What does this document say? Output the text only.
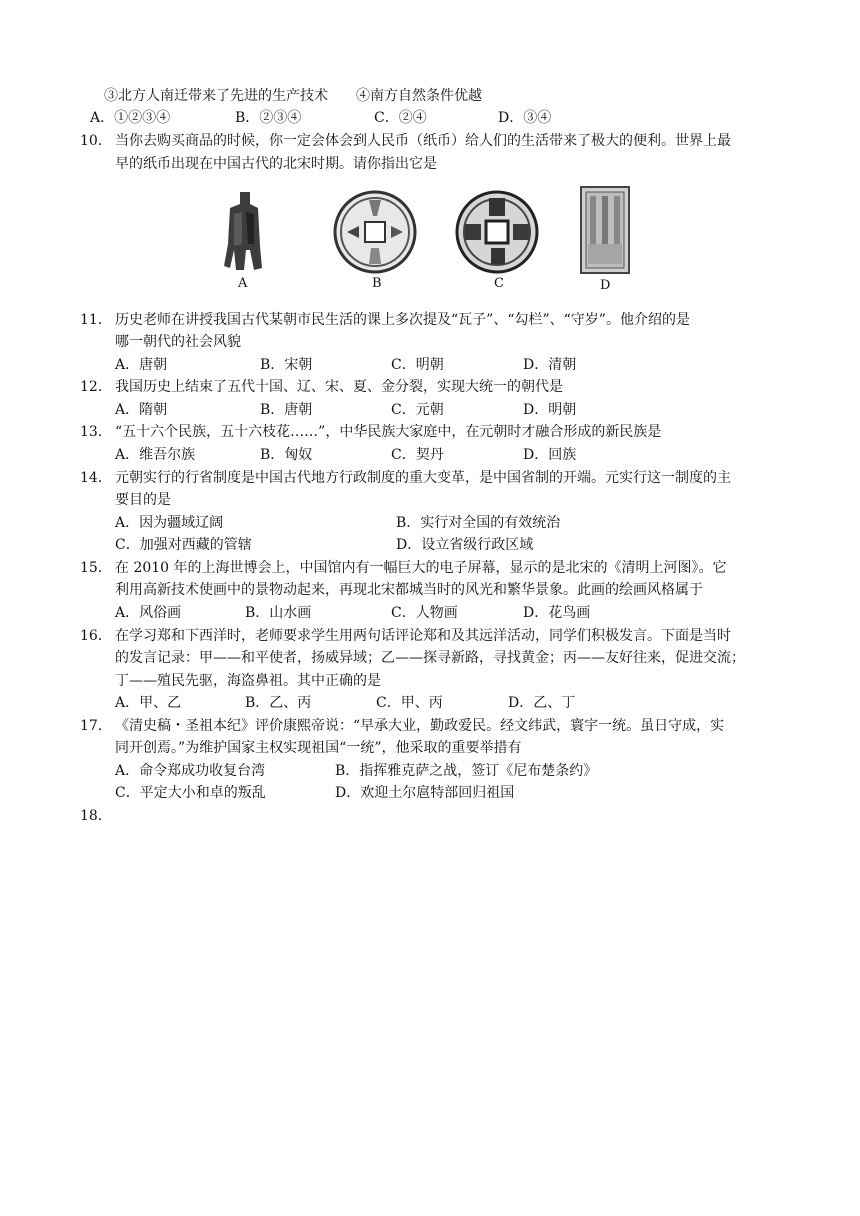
③北方人南迁带来了先进的生产技术　　④南方自然条件优越
A．①②③④	B．②③④	C．②④	D．③④
10． 当你去购买商品的时候，你一定会体会到人民币（纸币）给人们的生活带来了极大的便利。世界上最
早的纸币出现在中国古代的北宋时期。请你指出它是
A	B	C	D
11． 历史老师在讲授我国古代某朝市民生活的课上多次提及“瓦子”、“勾栏”、“守岁”。他介绍的是
哪一朝代的社会风貌
A．唐朝	B．宋朝	C．明朝	D．清朝
12． 我国历史上结束了五代十国、辽、宋、夏、金分裂，实现大统一的朝代是
A．隋朝	B．唐朝	C．元朝	D．明朝
13． “五十六个民族，五十六枝花……”，中华民族大家庭中，在元朝时才融合形成的新民族是
A．维吾尔族	B．匈奴	C．契丹	D．回族
14． 元朝实行的行省制度是中国古代地方行政制度的重大变革，是中国省制的开端。元实行这一制度的主
要目的是
A．因为疆域辽阔	B．实行对全国的有效统治
C．加强对西藏的管辖	D．设立省级行政区域
15． 在 2010 年的上海世博会上，中国馆内有一幅巨大的电子屏幕，显示的是北宋的《清明上河图》。它
利用高新技术使画中的景物动起来，再现北宋都城当时的风光和繁华景象。此画的绘画风格属于
A．风俗画	B．山水画	C．人物画	D．花鸟画
16． 在学习郑和下西洋时，老师要求学生用两句话评论郑和及其远洋活动，同学们积极发言。下面是当时
的发言记录：甲——和平使者，扬威异域；乙——探寻新路，寻找黄金；丙——友好往来，促进交流；
丁——殖民先驱，海盗鼻祖。其中正确的是
A．甲、乙	B．乙、丙	C．甲、丙	D．乙、丁
17． 《清史稿・圣祖本纪》评价康熙帝说：“早承大业，勤政爱民。经文纬武，寰宇一统。虽日守成，实
同开创焉。”为维护国家主权实现祖国“一统”，他采取的重要举措有
A．命令郑成功收复台湾	B．指挥雅克萨之战，签订《尼布楚条约》
C．平定大小和卓的叛乱	D．欢迎土尔扈特部回归祖国
18．
